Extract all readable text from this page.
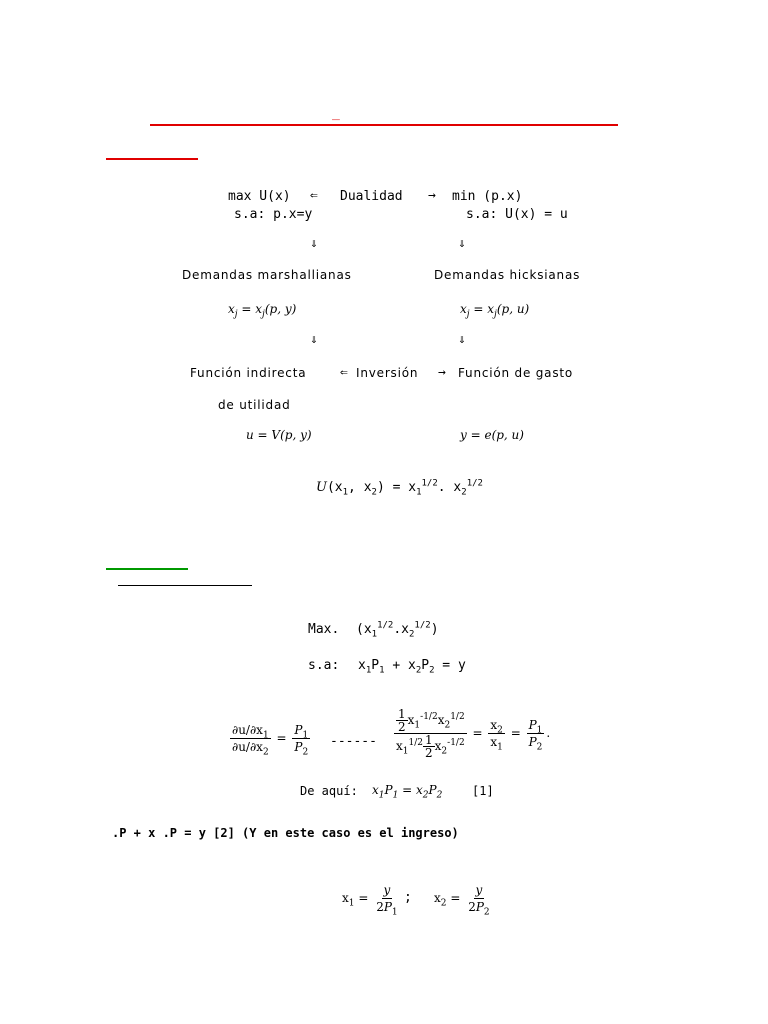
_
max U(x) ⇐ Dualidad → min (p.x)
s.a: p.x=y	s.a: U(x) = u
⇓	⇓
Demandas marshallianas	Demandas hicksianas
$x_j = x_j(p$, y)	$x_j = x_j(p$, u)
⇓	⇓
Función indirecta	⇐ Inversión → Función de gasto
de utilidad
u = V(p, y)	y = e(p, u)
$U(x_1$, $x_2) = x_1^{1/2}$. $x_2^{1/2}$
Max. $(x_1^{1/2}.x_2^{1/2})$
s.a: $x_1P_1 + x_2P_2 = y$
$\frac{\partial u/\partial x_1}{\partial u/\partial x_2} = \frac{P_1}{P_2}$ ------ $\frac{\frac{1}{2} x_1^{-1/2}x_2^{1/2}}{x_1^{1/2} \frac{1}{2} x_2^{-1/2}} = \frac{x_2}{x_1} = \frac{P_1}{P_2}$ .
De aquí: $x_1P_1 = x_2P_2$ [1]
.P + x .P = y [2] (Y en este caso es el ingreso)
$x_1 = \frac{y}{2P_1}$ ; $x_2 = \frac{y}{2P_2}$
